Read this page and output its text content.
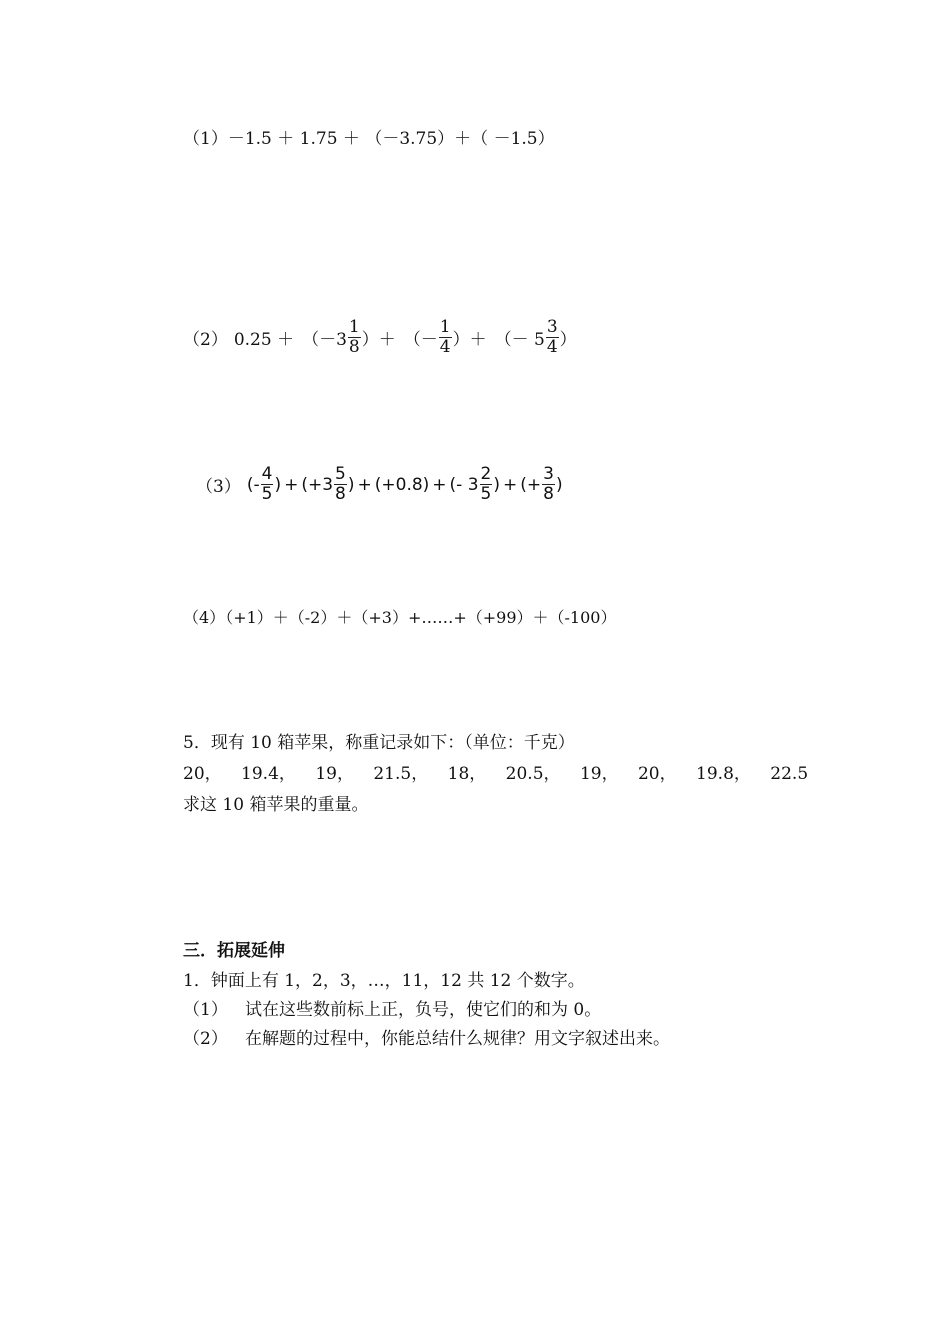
（1）－1.5 ＋ 1.75 ＋ （－3.75）＋（ －1.5）
（2） $0.25 + (-3 \frac{1}{8}$ ）＋ （－ $\frac{1}{4}$ ）＋ （－ $5 \frac{3}{4}$ ）
（3） (- $\frac{4}{5}$ ) + ($+3 \frac{5}{8}$ ) + (+0.8) + (- $3 \frac{2}{5}$ ) + (+ $\frac{3}{8}$ )
（4）（+1）＋（-2）＋（+3）+……+（+99）＋（-100）
5．现有 10 箱苹果，称重记录如下：（单位：千克）
20， 19.4， 19， 21.5， 18， 20.5， 19， 20， 19.8， 22.5
求这 10 箱苹果的重量。
三．拓展延伸
1．钟面上有 1，2，3，…，11，12 共 12 个数字。
（1） 试在这些数前标上正，负号，使它们的和为 0。
（2） 在解题的过程中，你能总结什么规律？用文字叙述出来。
